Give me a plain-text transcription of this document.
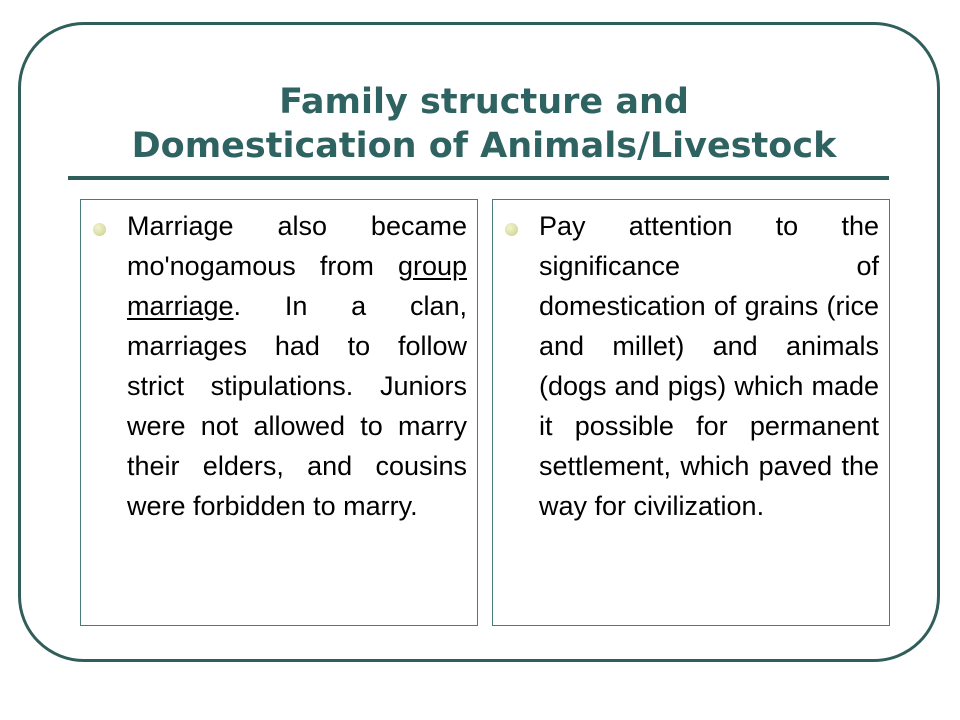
Family structure and
Domestication of Animals/Livestock

Marriage also became mo'nogamous from group marriage. In a clan, marriages had to follow strict stipulations. Juniors were not allowed to marry their elders, and cousins were forbidden to marry.

Pay attention to the significance of domestication of grains (rice and millet) and animals (dogs and pigs) which made it possible for permanent settlement, which paved the way for civilization.
